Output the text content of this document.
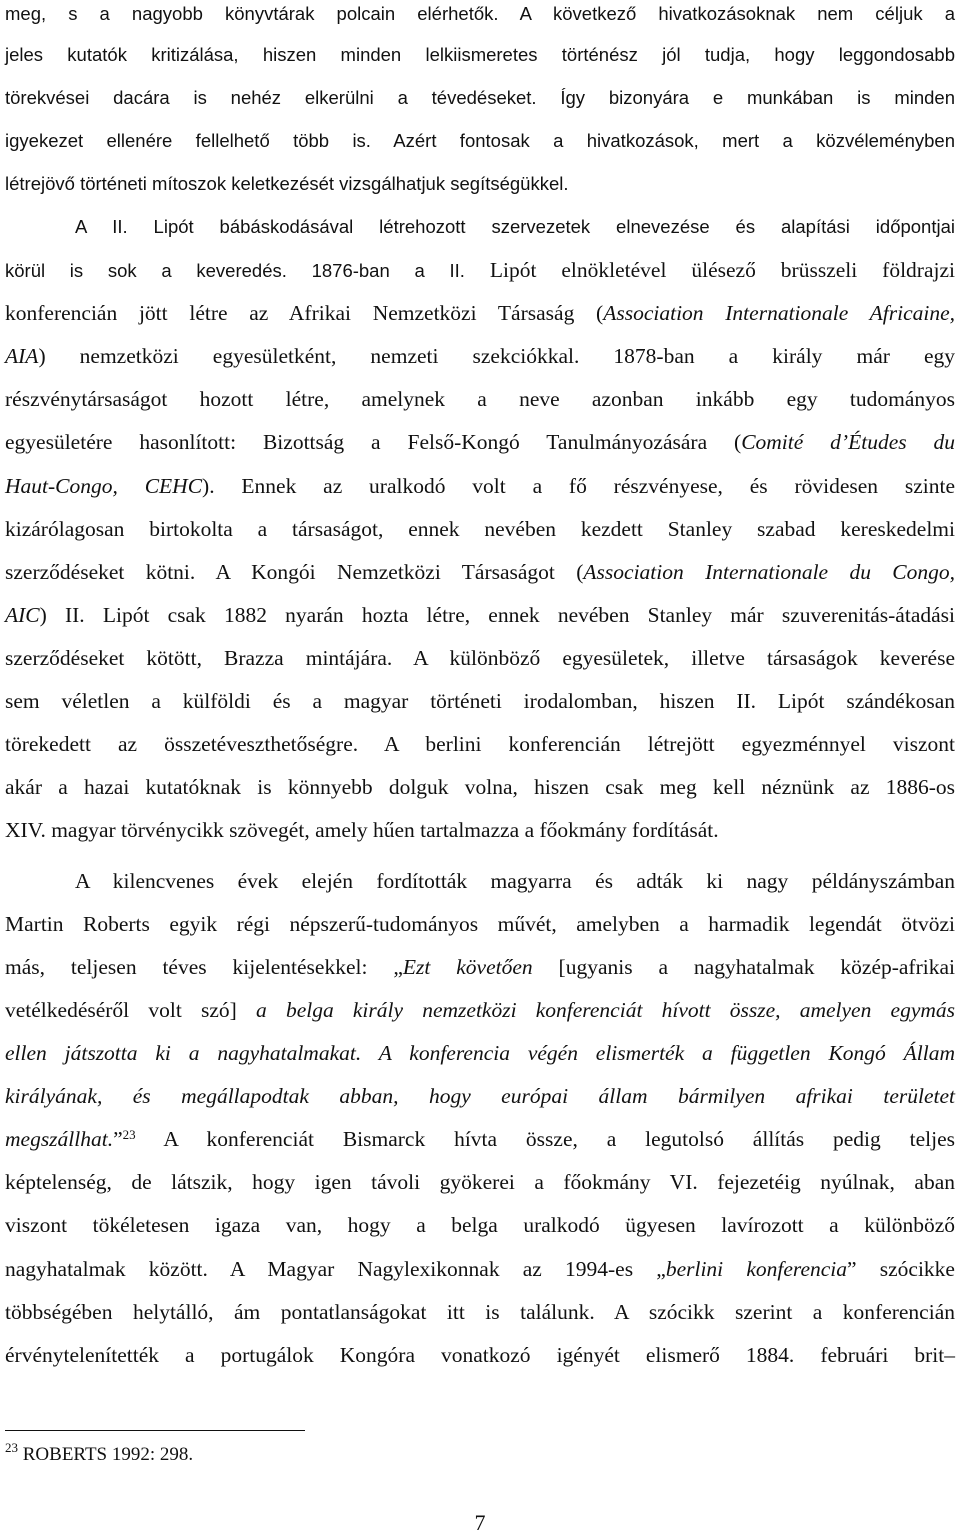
meg, s a nagyobb könyvtárak polcain elérhetők. A következő hivatkozásoknak nem céljuk a
jeles kutatók kritizálása, hiszen minden lelkiismeretes történész jól tudja, hogy leggondosabb
törekvései dacára is nehéz elkerülni a tévedéseket. Így bizonyára e munkában is minden
igyekezet ellenére fellelhető több is. Azért fontosak a hivatkozások, mert a közvéleményben
létrejövő történeti mítoszok keletkezését vizsgálhatjuk segítségükkel.
A II. Lipót bábáskodásával létrehozott szervezetek elnevezése és alapítási időpontjai
körül is sok a keveredés. 1876-ban a II. Lipót elnökletével ülésező brüsszeli földrajzi
konferencián jött létre az Afrikai Nemzetközi Társaság (Association Internationale Africaine,
AIA) nemzetközi egyesületként, nemzeti szekciókkal. 1878-ban a király már egy
részvénytársaságot hozott létre, amelynek a neve azonban inkább egy tudományos
egyesületére hasonlított: Bizottság a Felső-Kongó Tanulmányozására (Comité d’Études du
Haut-Congo, CEHC). Ennek az uralkodó volt a fő részvényese, és rövidesen szinte
kizárólagosan birtokolta a társaságot, ennek nevében kezdett Stanley szabad kereskedelmi
szerződéseket kötni. A Kongói Nemzetközi Társaságot (Association Internationale du Congo,
AIC) II. Lipót csak 1882 nyarán hozta létre, ennek nevében Stanley már szuverenitás-átadási
szerződéseket kötött, Brazza mintájára. A különböző egyesületek, illetve társaságok keverése
sem véletlen a külföldi és a magyar történeti irodalomban, hiszen II. Lipót szándékosan
törekedett az összetéveszthetőségre. A berlini konferencián létrejött egyezménnyel viszont
akár a hazai kutatóknak is könnyebb dolguk volna, hiszen csak meg kell néznünk az 1886-os
XIV. magyar törvénycikk szövegét, amely hűen tartalmazza a főokmány fordítását.
A kilencvenes évek elején fordították magyarra és adták ki nagy példányszámban
Martin Roberts egyik régi népszerű-tudományos művét, amelyben a harmadik legendát ötvözi
más, teljesen téves kijelentésekkel: „Ezt követően [ugyanis a nagyhatalmak közép-afrikai
vetélkedéséről volt szó] a belga király nemzetközi konferenciát hívott össze, amelyen egymás
ellen játszotta ki a nagyhatalmakat. A konferencia végén elismerték a független Kongó Állam
királyának, és megállapodtak abban, hogy európai állam bármilyen afrikai területet
megszállhat.”$^{23}$ A konferenciát Bismarck hívta össze, a legutolsó állítás pedig teljes
képtelenség, de látszik, hogy igen távoli gyökerei a főokmány VI. fejezetéig nyúlnak, aban
viszont tökéletesen igaza van, hogy a belga uralkodó ügyesen lavírozott a különböző
nagyhatalmak között. A Magyar Nagylexikonnak az 1994-es „berlini konferencia” szócikke
többségében helytálló, ám pontatlanságokat itt is találunk. A szócikk szerint a konferencián
érvénytelenítették a portugálok Kongóra vonatkozó igényét elismerő 1884. februári brit–
$^{23}$ ROBERTS 1992: 298.
7
